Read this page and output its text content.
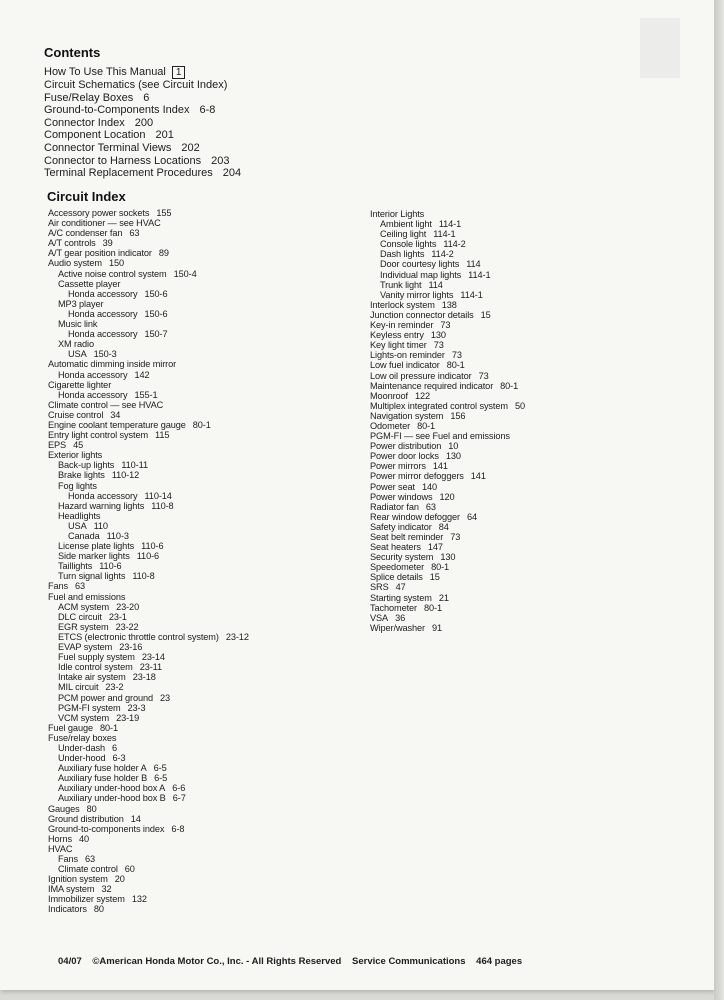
Contents
How To Use This Manual 1
Circuit Schematics (see Circuit Index)
Fuse/Relay Boxes 6
Ground-to-Components Index 6-8
Connector Index 200
Component Location 201
Connector Terminal Views 202
Connector to Harness Locations 203
Terminal Replacement Procedures 204
Circuit Index
Accessory power sockets 155
Air conditioner — see HVAC
A/C condenser fan 63
A/T controls 39
A/T gear position indicator 89
Audio system 150
Active noise control system 150-4
Cassette player
Honda accessory 150-6
MP3 player
Honda accessory 150-6
Music link
Honda accessory 150-7
XM radio
USA 150-3
Automatic dimming inside mirror
Honda accessory 142
Cigarette lighter
Honda accessory 155-1
Climate control — see HVAC
Cruise control 34
Engine coolant temperature gauge 80-1
Entry light control system 115
EPS 45
Exterior lights
Back-up lights 110-11
Brake lights 110-12
Fog lights
Honda accessory 110-14
Hazard warning lights 110-8
Headlights
USA 110
Canada 110-3
License plate lights 110-6
Side marker lights 110-6
Taillights 110-6
Turn signal lights 110-8
Fans 63
Fuel and emissions
ACM system 23-20
DLC circuit 23-1
EGR system 23-22
ETCS (electronic throttle control system) 23-12
EVAP system 23-16
Fuel supply system 23-14
Idle control system 23-11
Intake air system 23-18
MIL circuit 23-2
PCM power and ground 23
PGM-FI system 23-3
VCM system 23-19
Fuel gauge 80-1
Fuse/relay boxes
Under-dash 6
Under-hood 6-3
Auxiliary fuse holder A 6-5
Auxiliary fuse holder B 6-5
Auxiliary under-hood box A 6-6
Auxiliary under-hood box B 6-7
Gauges 80
Ground distribution 14
Ground-to-components index 6-8
Horns 40
HVAC
Fans 63
Climate control 60
Ignition system 20
IMA system 32
Immobilizer system 132
Indicators 80
Interior Lights
Ambient light 114-1
Ceiling light 114-1
Console lights 114-2
Dash lights 114-2
Door courtesy lights 114
Individual map lights 114-1
Trunk light 114
Vanity mirror lights 114-1
Interlock system 138
Junction connector details 15
Key-in reminder 73
Keyless entry 130
Key light timer 73
Lights-on reminder 73
Low fuel indicator 80-1
Low oil pressure indicator 73
Maintenance required indicator 80-1
Moonroof 122
Multiplex integrated control system 50
Navigation system 156
Odometer 80-1
PGM-FI — see Fuel and emissions
Power distribution 10
Power door locks 130
Power mirrors 141
Power mirror defoggers 141
Power seat 140
Power windows 120
Radiator fan 63
Rear window defogger 64
Safety indicator 84
Seat belt reminder 73
Seat heaters 147
Security system 130
Speedometer 80-1
Splice details 15
SRS 47
Starting system 21
Tachometer 80-1
VSA 36
Wiper/washer 91
04/07 ©American Honda Motor Co., Inc. - All Rights Reserved Service Communications 464 pages
